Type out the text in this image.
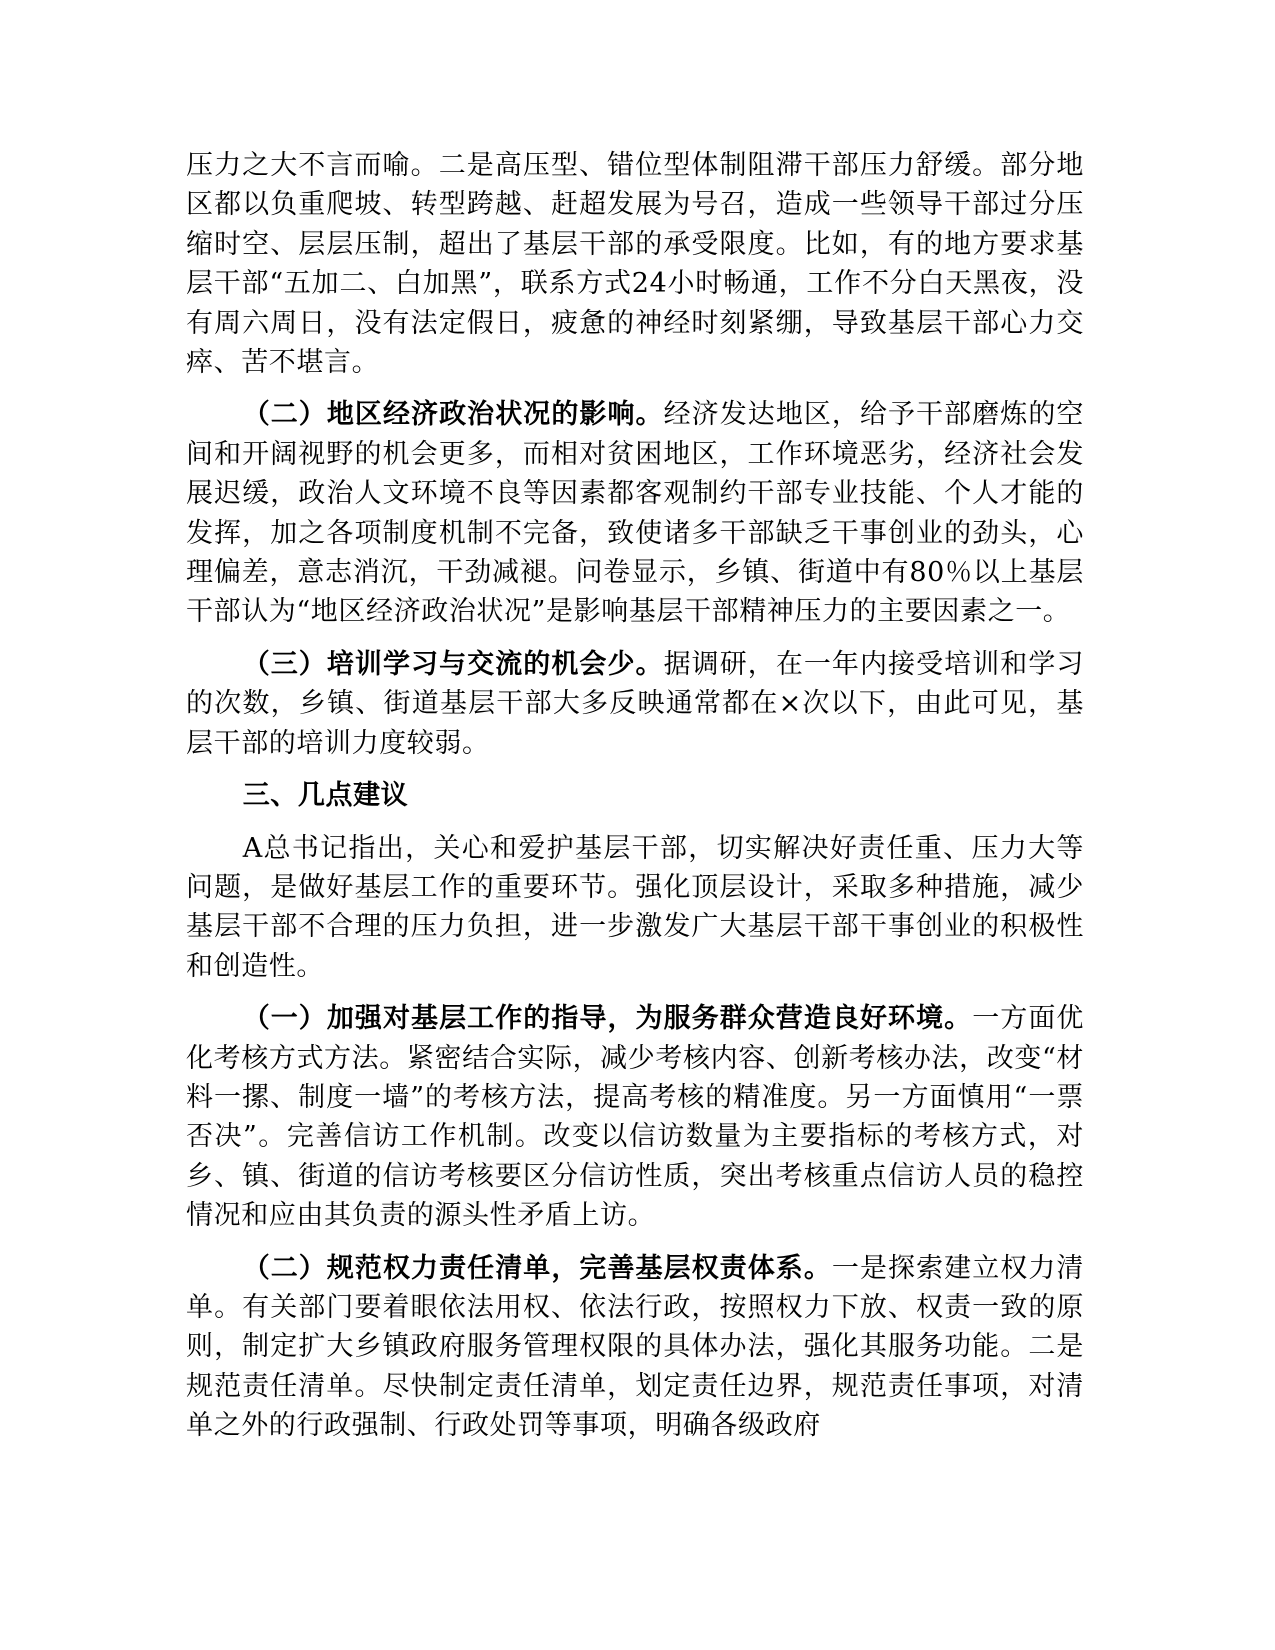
压力之大不言而喻。二是高压型、错位型体制阻滞干部压力舒缓。部分地区都以负重爬坡、转型跨越、赶超发展为号召，造成一些领导干部过分压缩时空、层层压制，超出了基层干部的承受限度。比如，有的地方要求基层干部“五加二、白加黑”，联系方式24小时畅通，工作不分白天黑夜，没有周六周日，没有法定假日，疲惫的神经时刻紧绷，导致基层干部心力交瘁、苦不堪言。

（二）地区经济政治状况的影响。经济发达地区，给予干部磨炼的空间和开阔视野的机会更多，而相对贫困地区，工作环境恶劣，经济社会发展迟缓，政治人文环境不良等因素都客观制约干部专业技能、个人才能的发挥，加之各项制度机制不完备，致使诸多干部缺乏干事创业的劲头，心理偏差，意志消沉，干劲减褪。问卷显示，乡镇、街道中有80％以上基层干部认为“地区经济政治状况”是影响基层干部精神压力的主要因素之一。

（三）培训学习与交流的机会少。据调研，在一年内接受培训和学习的次数，乡镇、街道基层干部大多反映通常都在×次以下，由此可见，基层干部的培训力度较弱。

三、几点建议

A总书记指出，关心和爱护基层干部，切实解决好责任重、压力大等问题，是做好基层工作的重要环节。强化顶层设计，采取多种措施，减少基层干部不合理的压力负担，进一步激发广大基层干部干事创业的积极性和创造性。

（一）加强对基层工作的指导，为服务群众营造良好环境。一方面优化考核方式方法。紧密结合实际，减少考核内容、创新考核办法，改变“材料一摞、制度一墙”的考核方法，提高考核的精准度。另一方面慎用“一票否决”。完善信访工作机制。改变以信访数量为主要指标的考核方式，对乡、镇、街道的信访考核要区分信访性质，突出考核重点信访人员的稳控情况和应由其负责的源头性矛盾上访。

（二）规范权力责任清单，完善基层权责体系。一是探索建立权力清单。有关部门要着眼依法用权、依法行政，按照权力下放、权责一致的原则，制定扩大乡镇政府服务管理权限的具体办法，强化其服务功能。二是规范责任清单。尽快制定责任清单，划定责任边界，规范责任事项，对清单之外的行政强制、行政处罚等事项，明确各级政府
